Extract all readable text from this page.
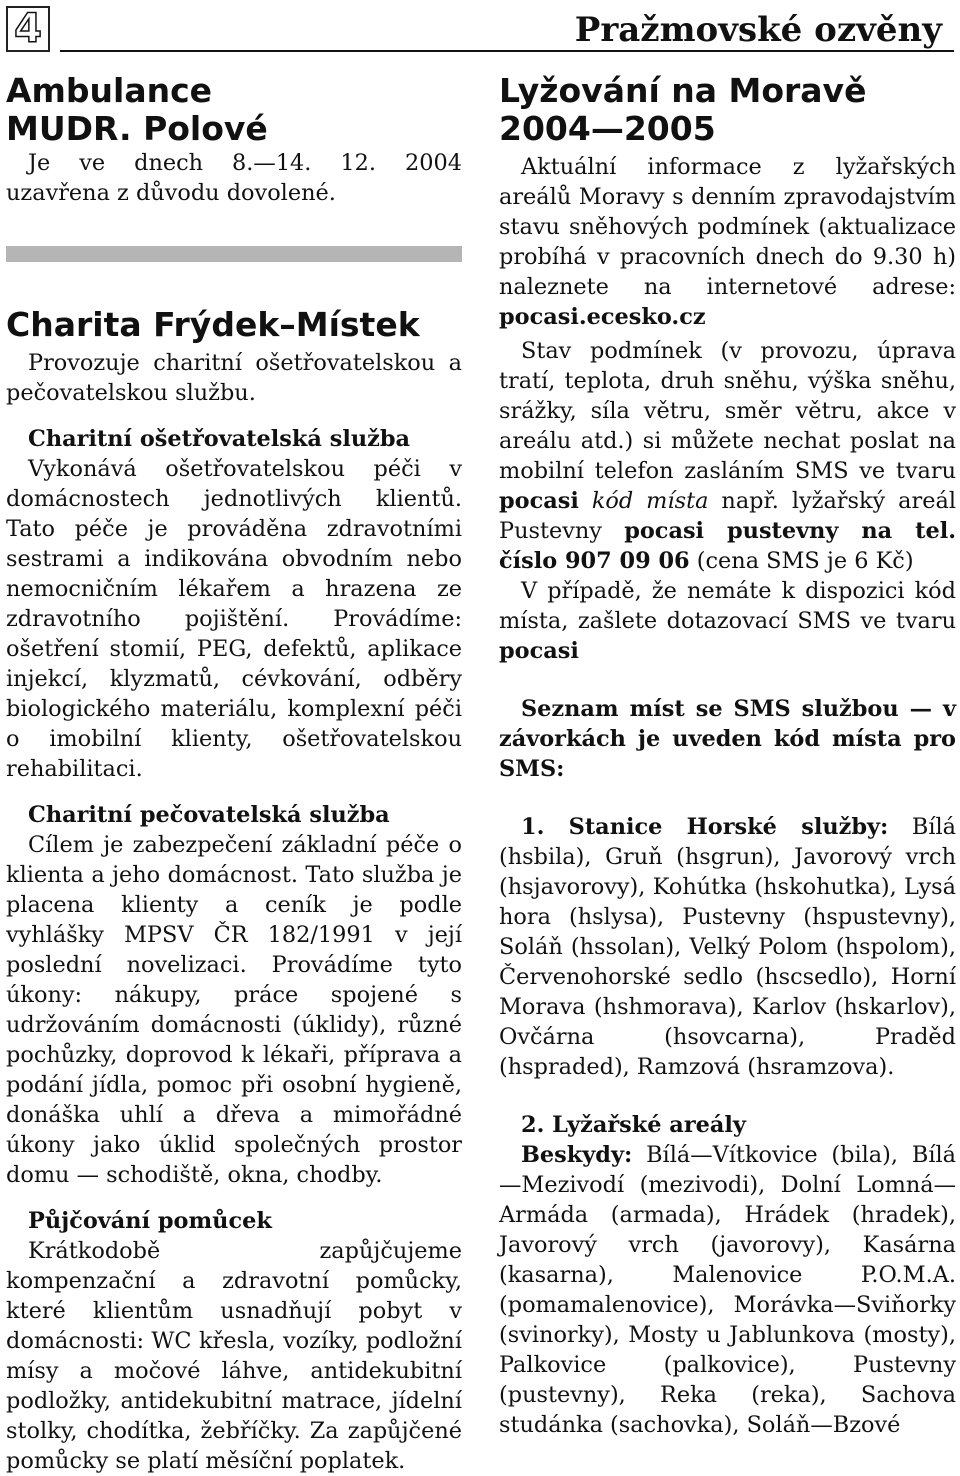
4	Pražmovské ozvěny
Ambulance
MUDR. Polové

Je ve dnech 8.—14. 12. 2004 uzavřena z důvodu dovolené.

Charita Frýdek–Místek

Provozuje charitní ošetřovatelskou a pečovatelskou službu.

Charitní ošetřovatelská služba

Vykonává ošetřovatelskou péči v domácnostech jednotlivých klientů. Tato péče je prováděna zdravotními sestrami a indikována obvodním nebo nemocničním lékařem a hrazena ze zdravotního pojištění. Provádíme: ošetření stomií, PEG, defektů, aplikace injekcí, klyzmatů, cévkování, odběry biologického materiálu, komplexní péči o imobilní klienty, ošetřovatelskou rehabilitaci.

Charitní pečovatelská služba

Cílem je zabezpečení základní péče o klienta a jeho domácnost. Tato služba je placena klienty a ceník je podle vyhlášky MPSV ČR 182/1991 v její poslední novelizaci. Provádíme tyto úkony: nákupy, práce spojené s udržováním domácnosti (úklidy), různé pochůzky, doprovod k lékaři, příprava a podání jídla, pomoc při osobní hygieně, donáška uhlí a dřeva a mimořádné úkony jako úklid společných prostor domu — schodiště, okna, chodby.

Půjčování pomůcek

Krátkodobě zapůjčujeme kompenzační a zdravotní pomůcky, které klientům usnadňují pobyt v domácnosti: WC křesla, vozíky, podložní mísy a močové láhve, antidekubitní podložky, antidekubitní matrace, jídelní stolky, chodítka, žebříčky. Za zapůjčené pomůcky se platí měsíční poplatek.

Lyžování na Moravě
2004—2005

Aktuální informace z lyžařských areálů Moravy s denním zpravodajstvím stavu sněhových podmínek (aktualizace probíhá v pracovních dnech do 9.30 h) naleznete na internetové adrese: pocasi.ecesko.cz

Stav podmínek (v provozu, úprava tratí, teplota, druh sněhu, výška sněhu, srážky, síla větru, směr větru, akce v areálu atd.) si můžete nechat poslat na mobilní telefon zasláním SMS ve tvaru pocasi kód místa např. lyžařský areál Pustevny pocasi pustevny na tel. číslo 907 09 06 (cena SMS je 6 Kč)

V případě, že nemáte k dispozici kód místa, zašlete dotazovací SMS ve tvaru pocasi

Seznam míst se SMS službou — v závorkách je uveden kód místa pro SMS:

1. Stanice Horské služby: Bílá (hsbila), Gruň (hsgrun), Javorový vrch (hsjavorovy), Kohútka (hskohutka), Lysá hora (hslysa), Pustevny (hspustevny), Soláň (hssolan), Velký Polom (hspolom), Červenohorské sedlo (hscsedlo), Horní Morava (hshmorava), Karlov (hskarlov), Ovčárna (hsovcarna), Praděd (hspraded), Ramzová (hsramzova).

2. Lyžařské areály

Beskydy: Bílá—Vítkovice (bila), Bílá—Mezivodí (mezivodi), Dolní Lomná—Armáda (armada), Hrádek (hradek), Javorový vrch (javorovy), Kasárna (kasarna), Malenovice P.O.M.A. (pomamalenovice), Morávka—Sviňorky (svinorky), Mosty u Jablunkova (mosty), Palkovice (palkovice), Pustevny (pustevny), Reka (reka), Sachova studánka (sachovka), Soláň—Bzové
